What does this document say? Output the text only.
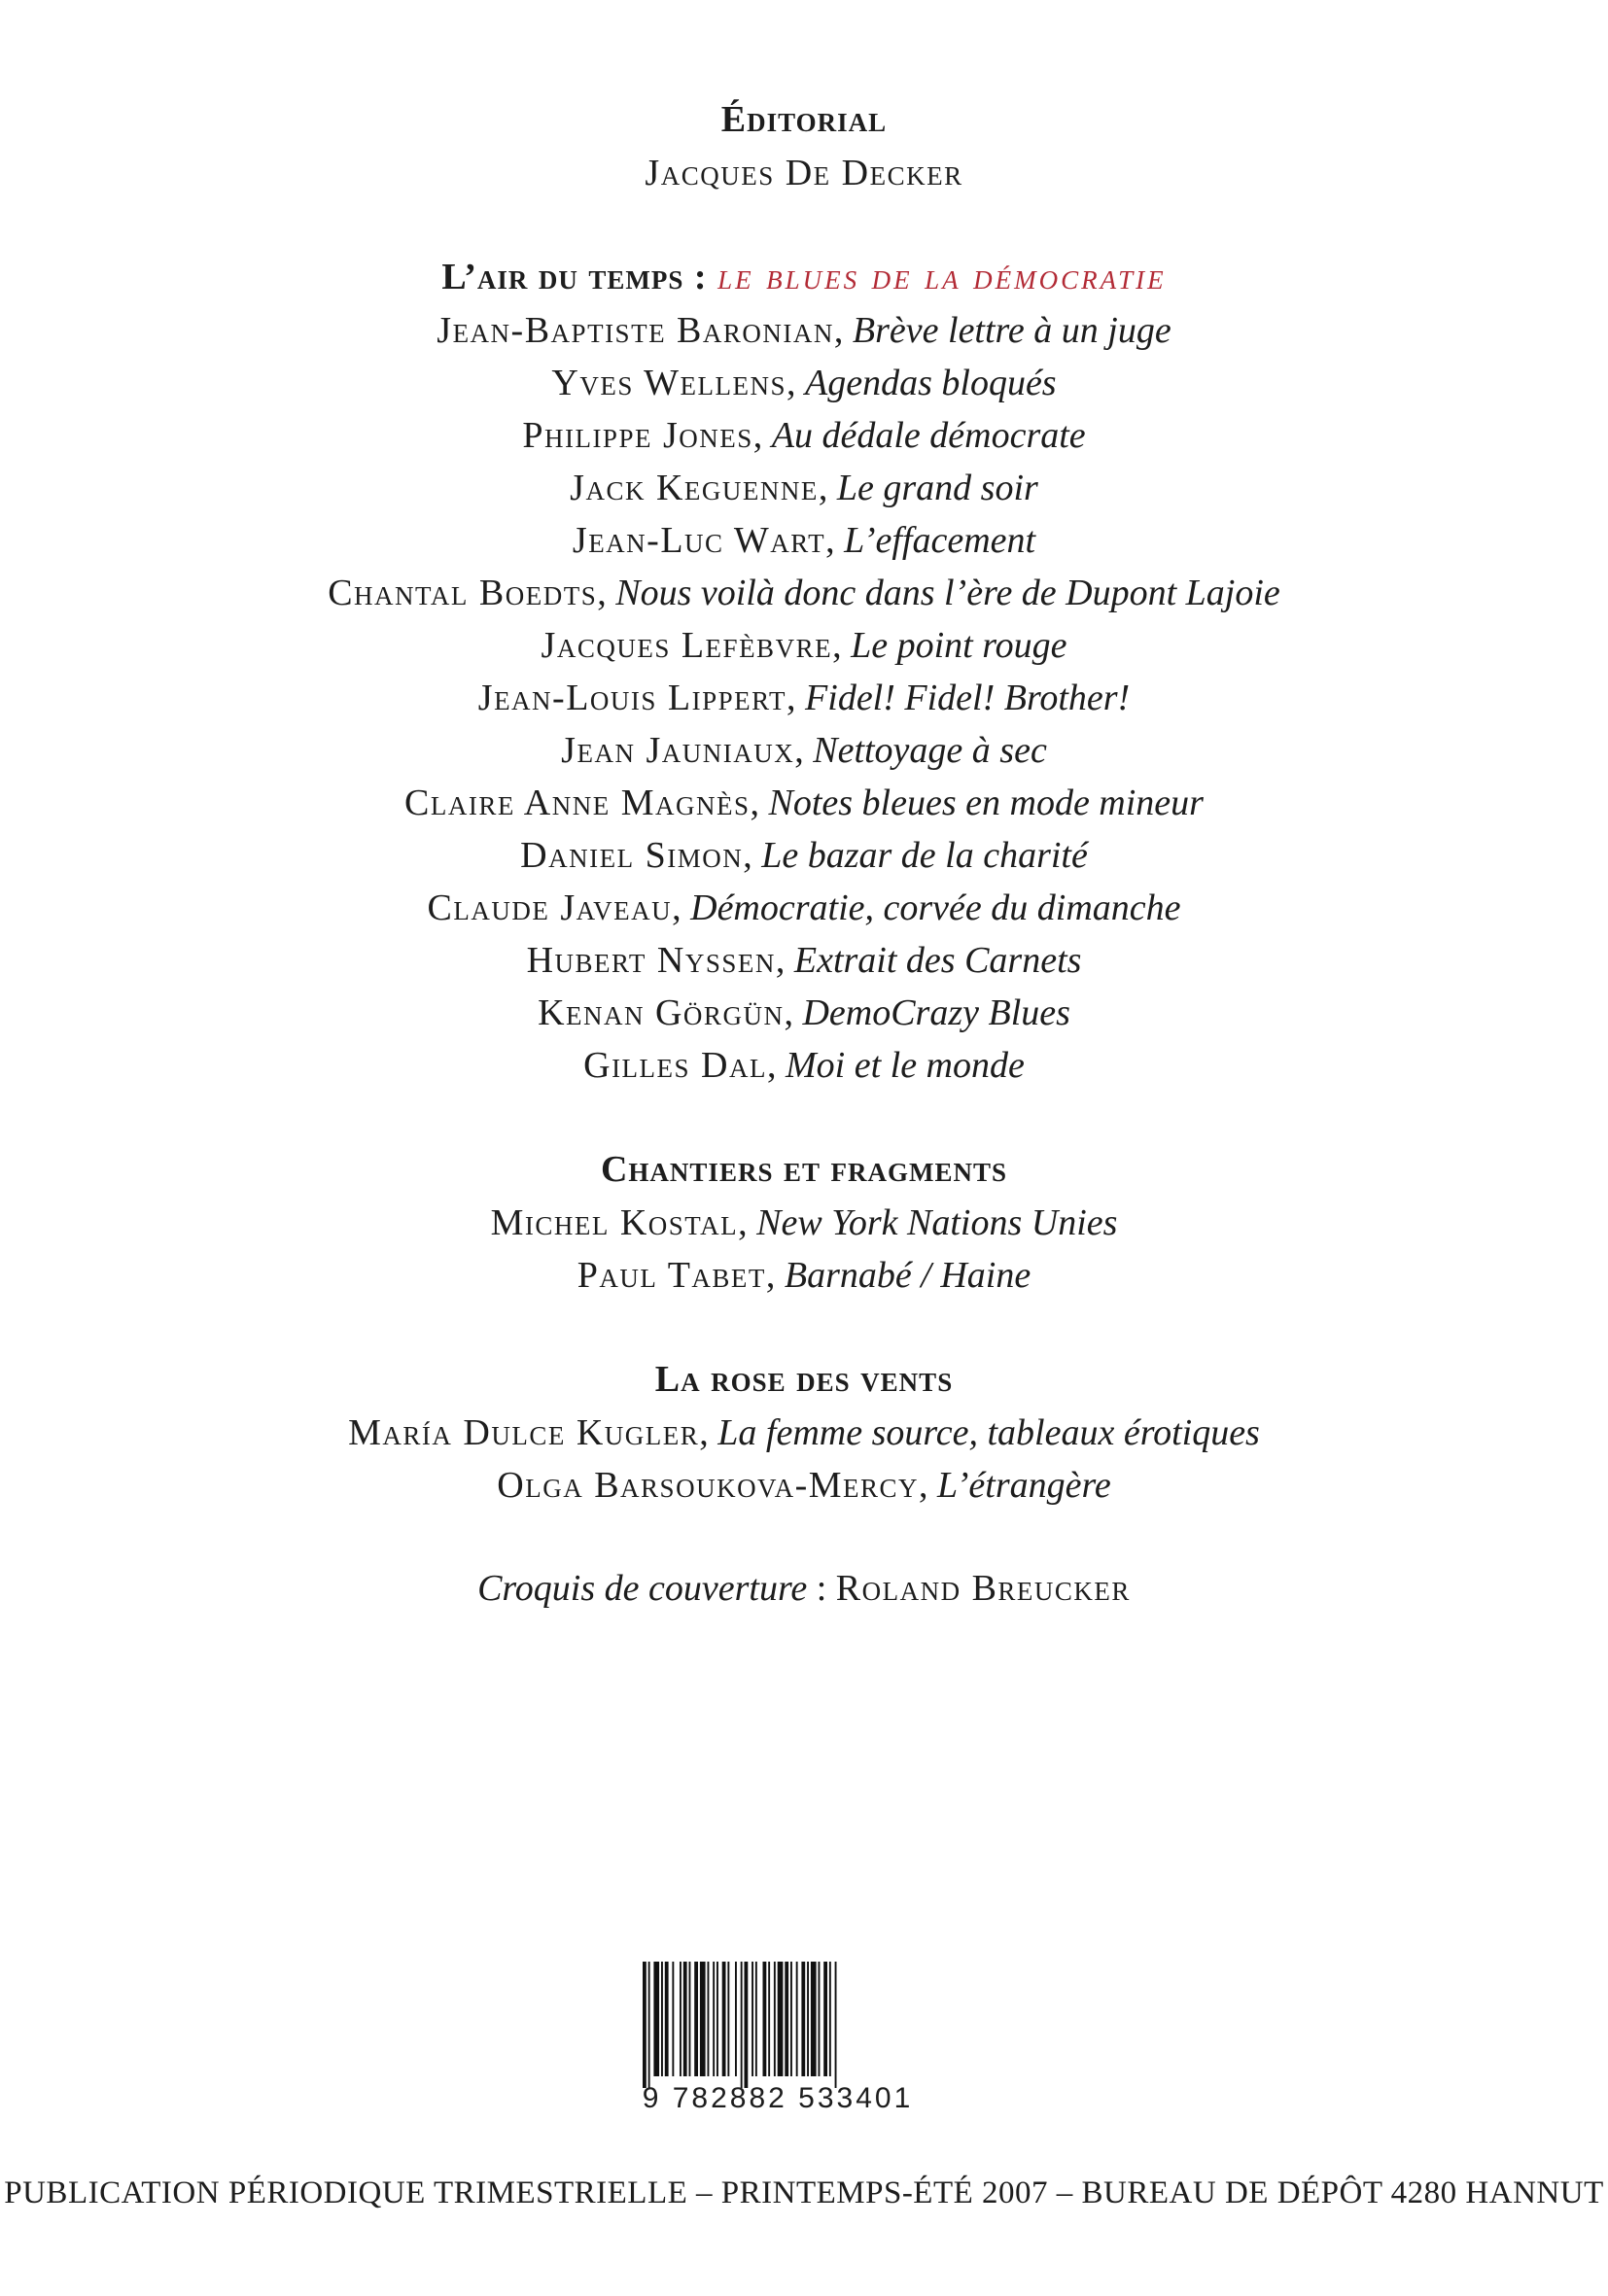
Éditorial
Jacques De Decker
L’air du temps : le blues de la démocratie
Jean-Baptiste Baronian, Brève lettre à un juge
Yves Wellens, Agendas bloqués
Philippe Jones, Au dédale démocrate
Jack Keguenne, Le grand soir
Jean-Luc Wart, L’effacement
Chantal Boedts, Nous voilà donc dans l’ère de Dupont Lajoie
Jacques Lefèbvre, Le point rouge
Jean-Louis Lippert, Fidel! Fidel! Brother!
Jean Jauniaux, Nettoyage à sec
Claire Anne Magnès, Notes bleues en mode mineur
Daniel Simon, Le bazar de la charité
Claude Javeau, Démocratie, corvée du dimanche
Hubert Nyssen, Extrait des Carnets
Kenan Görgün, DemoCrazy Blues
Gilles Dal, Moi et le monde
Chantiers et fragments
Michel Kostal, New York Nations Unies
Paul Tabet, Barnabé / Haine
La rose des vents
María Dulce Kugler, La femme source, tableaux érotiques
Olga Barsoukova-Mercy, L’étrangère
Croquis de couverture : Roland Breucker
9 782882 533401
PUBLICATION PÉRIODIQUE TRIMESTRIELLE – PRINTEMPS-ÉTÉ 2007 – BUREAU DE DÉPÔT 4280 HANNUT
